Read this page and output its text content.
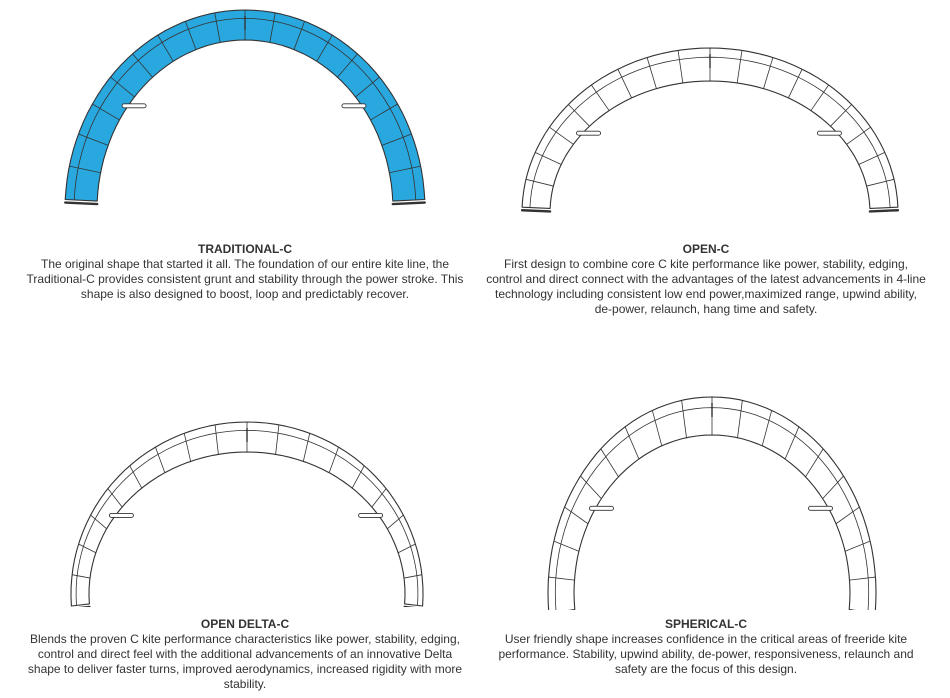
TRADITIONAL-C
The original shape that started it all. The foundation of our entire kite line, the Traditional-C provides consistent grunt and stability through the power stroke. This shape is also designed to boost, loop and predictably recover.
OPEN-C
First design to combine core C kite performance like power, stability, edging, control and direct connect with the advantages of the latest advancements in 4-line technology including consistent low end power,maximized range, upwind ability, de-power, relaunch, hang time and safety.
OPEN DELTA-C
Blends the proven C kite performance characteristics like power, stability, edging, control and direct feel with the additional advancements of an innovative Delta shape to deliver faster turns, improved aerodynamics, increased rigidity with more stability.
SPHERICAL-C
User friendly shape increases confidence in the critical areas of freeride kite performance. Stability, upwind ability, de-power, responsiveness, relaunch and safety are the focus of this design.
